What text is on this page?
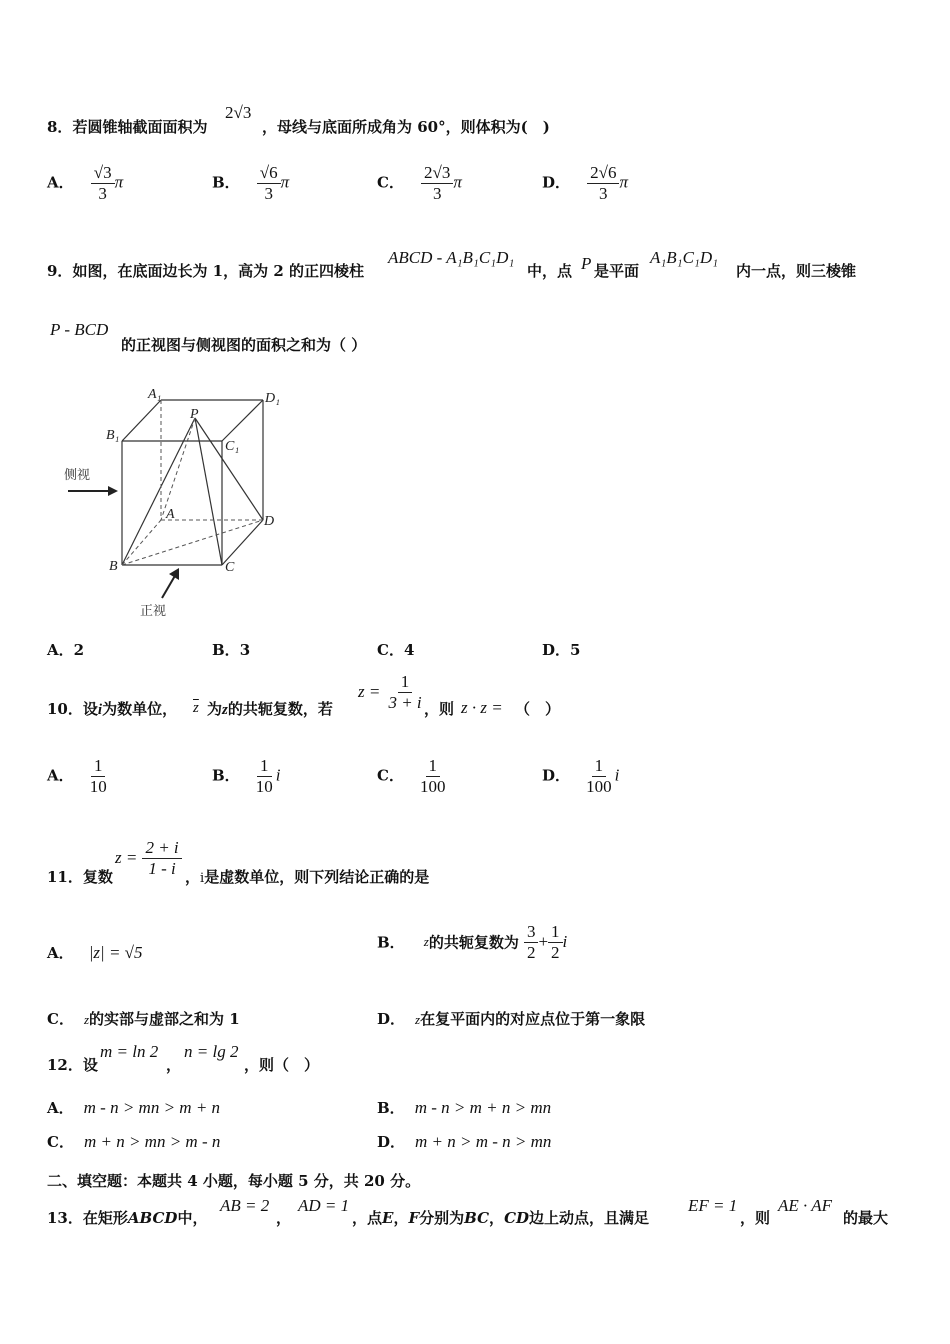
8．若圆锥轴截面面积为
2√3
，母线与底面所成角为 60°，则体积为(　)
A． $\frac{√3}{3}$ π	B． $\frac{√6}{3}$ π	C． $\frac{2√3}{3}$ π	D． $\frac{2√6}{3}$ π
9．如图，在底面边长为 1，高为 2 的正四棱柱
ABCD - A₁B₁C₁D₁
中，点 P 是平面
A₁B₁C₁D₁
内一点，则三棱锥
P - BCD
的正视图与侧视图的面积之和为（ ）
A₁	D₁
B₁
C₁
P
A	D
B	C
侧视
正视
A．2	B．3	C．4	D．5
10．设i为数单位， $\overline{z}$ 为z的共轭复数，若
$z = \frac{1}{3 + i}$ ，则 z · z = （　）
A． $\frac{1}{10}$	B． $\frac{1}{10}$ i	C． $\frac{1}{100}$	D． $\frac{1}{100}$ i
11．复数
$z = \frac{2 + i}{1 - i}$ ，i是虚数单位，则下列结论正确的是
A． |z| = √5
B． z的共轭复数为 $\frac{3}{2} + \frac{1}{2}$ i
C． z的实部与虚部之和为 1	D． z在复平面内的对应点位于第一象限
12．设
m = ln 2
，
n = lg 2
，则（　）
A． m - n > mn > m + n	B． m - n > m + n > mn
C． m + n > mn > m - n	D． m + n > m - n > mn
二、填空题：本题共 4 小题，每小题 5 分，共 20 分。
13．在矩形ABCD中，
AB = 2
，
AD = 1
，点E，F分别为BC，CD边上动点，且满足
EF = 1
，则
AE · AF
的最大
